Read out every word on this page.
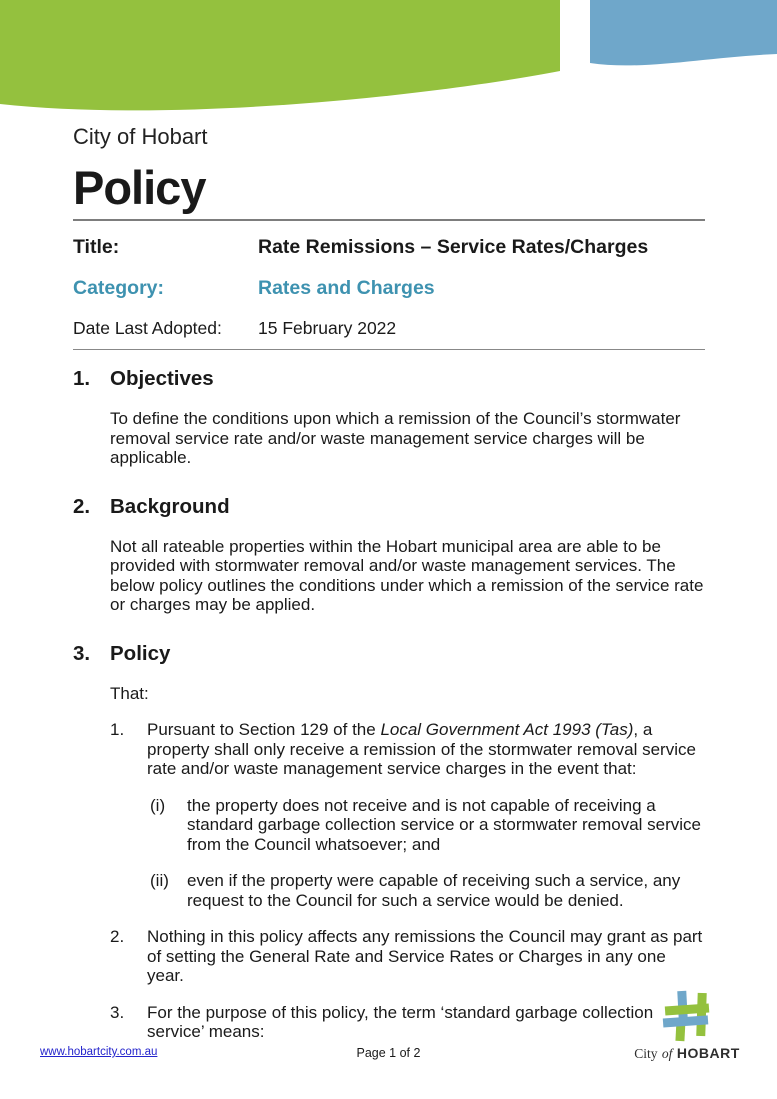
City of Hobart
Policy
Title:	Rate Remissions – Service Rates/Charges
Category:	Rates and Charges
Date Last Adopted:	15 February 2022
1. Objectives
To define the conditions upon which a remission of the Council’s stormwater removal service rate and/or waste management service charges will be applicable.
2. Background
Not all rateable properties within the Hobart municipal area are able to be provided with stormwater removal and/or waste management services. The below policy outlines the conditions under which a remission of the service rate or charges may be applied.
3. Policy
That:
1.	Pursuant to Section 129 of the Local Government Act 1993 (Tas), a property shall only receive a remission of the stormwater removal service rate and/or waste management service charges in the event that:
(i)	the property does not receive and is not capable of receiving a standard garbage collection service or a stormwater removal service from the Council whatsoever; and
(ii)	even if the property were capable of receiving such a service, any request to the Council for such a service would be denied.
2.	Nothing in this policy affects any remissions the Council may grant as part of setting the General Rate and Service Rates or Charges in any one year.
3.	For the purpose of this policy, the term ‘standard garbage collection service’ means:
www.hobartcity.com.au	Page 1 of 2	City of HOBART
